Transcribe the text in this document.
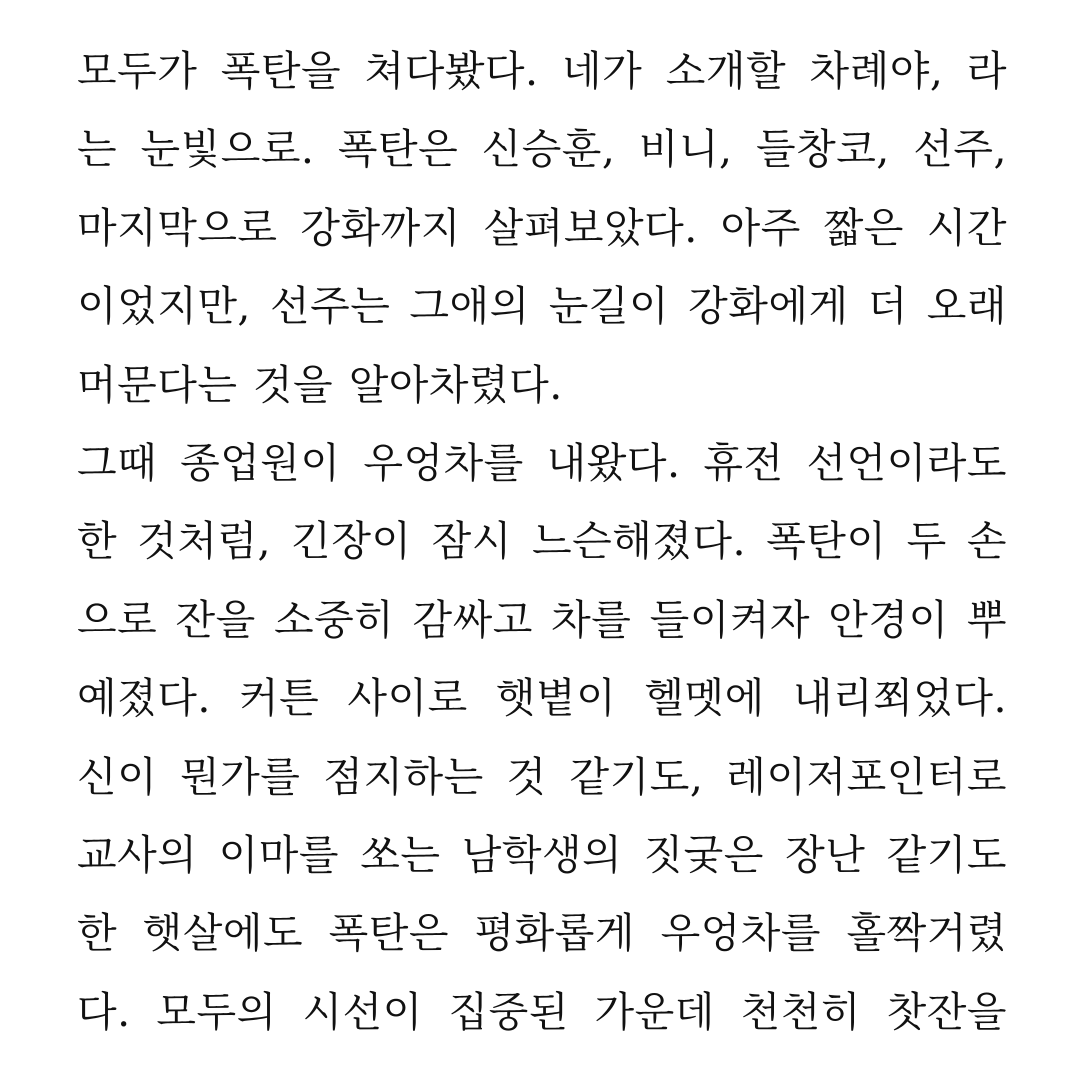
모두가 폭탄을 쳐다봤다. 네가 소개할 차례야, 라
는 눈빛으로. 폭탄은 신승훈, 비니, 들창코, 선주,
마지막으로 강화까지 살펴보았다. 아주 짧은 시간
이었지만, 선주는 그애의 눈길이 강화에게 더 오래
머문다는 것을 알아차렸다.
그때 종업원이 우엉차를 내왔다. 휴전 선언이라도
한 것처럼, 긴장이 잠시 느슨해졌다. 폭탄이 두 손
으로 잔을 소중히 감싸고 차를 들이켜자 안경이 뿌
예졌다. 커튼 사이로 햇볕이 헬멧에 내리쬐었다.
신이 뭔가를 점지하는 것 같기도, 레이저포인터로
교사의 이마를 쏘는 남학생의 짓궂은 장난 같기도
한 햇살에도 폭탄은 평화롭게 우엉차를 홀짝거렸
다. 모두의 시선이 집중된 가운데 천천히 찻잔을
